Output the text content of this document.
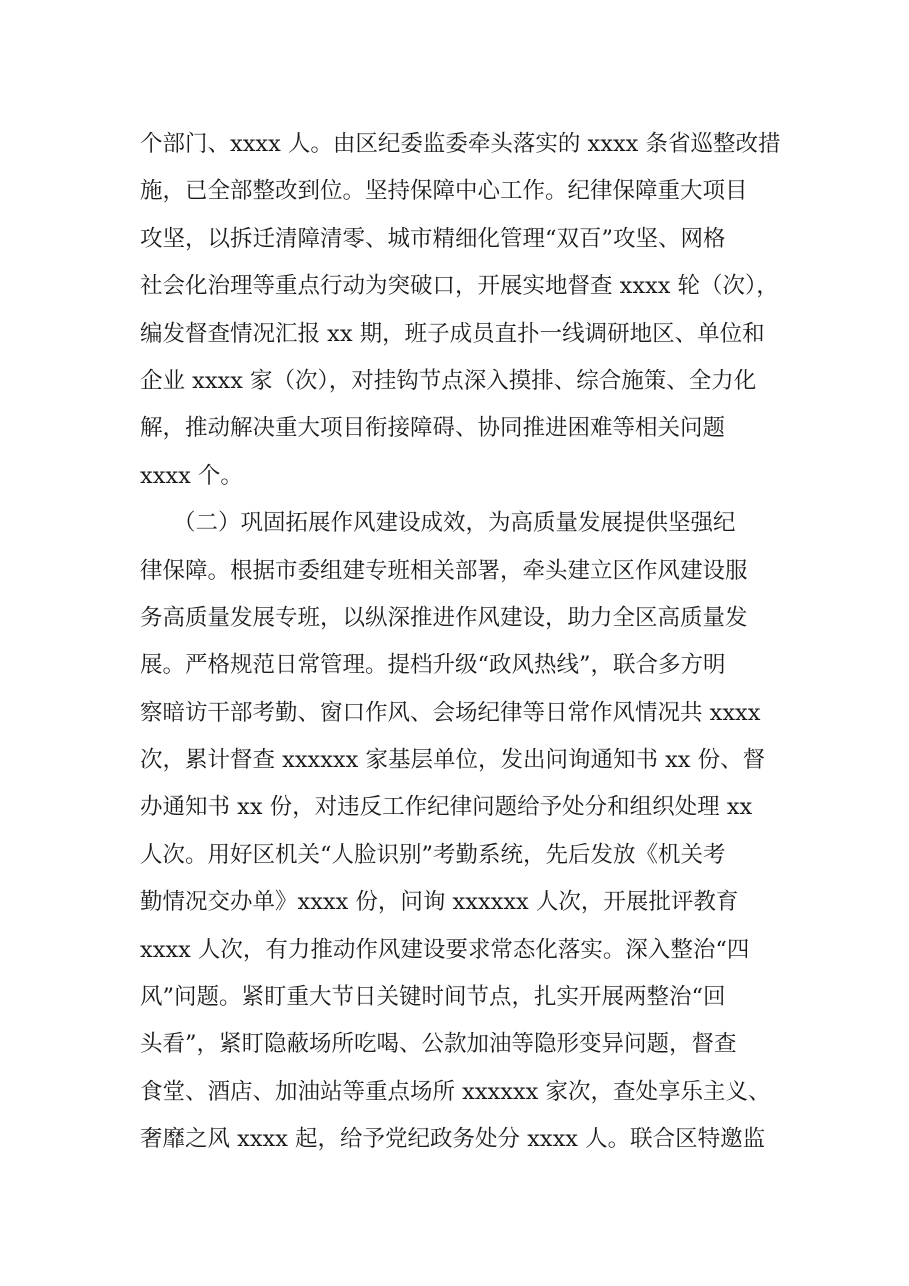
个部门、xxxx 人。由区纪委监委牵头落实的 xxxx 条省巡整改措
施，已全部整改到位。坚持保障中心工作。纪律保障重大项目
攻坚，以拆迁清障清零、城市精细化管理“双百”攻坚、网格
社会化治理等重点行动为突破口，开展实地督查 xxxx 轮（次），
编发督查情况汇报 xx 期，班子成员直扑一线调研地区、单位和
企业 xxxx 家（次），对挂钩节点深入摸排、综合施策、全力化
解，推动解决重大项目衔接障碍、协同推进困难等相关问题
xxxx 个。
（二）巩固拓展作风建设成效，为高质量发展提供坚强纪
律保障。根据市委组建专班相关部署，牵头建立区作风建设服
务高质量发展专班，以纵深推进作风建设，助力全区高质量发
展。严格规范日常管理。提档升级“政风热线”，联合多方明
察暗访干部考勤、窗口作风、会场纪律等日常作风情况共 xxxx
次，累计督查 xxxxxx 家基层单位，发出问询通知书 xx 份、督
办通知书 xx 份，对违反工作纪律问题给予处分和组织处理 xx
人次。用好区机关“人脸识别”考勤系统，先后发放《机关考
勤情况交办单》xxxx 份，问询 xxxxxx 人次，开展批评教育
xxxx 人次，有力推动作风建设要求常态化落实。深入整治“四
风”问题。紧盯重大节日关键时间节点，扎实开展两整治“回
头看”，紧盯隐蔽场所吃喝、公款加油等隐形变异问题，督查
食堂、酒店、加油站等重点场所 xxxxxx 家次，查处享乐主义、
奢靡之风 xxxx 起，给予党纪政务处分 xxxx 人。联合区特邀监
